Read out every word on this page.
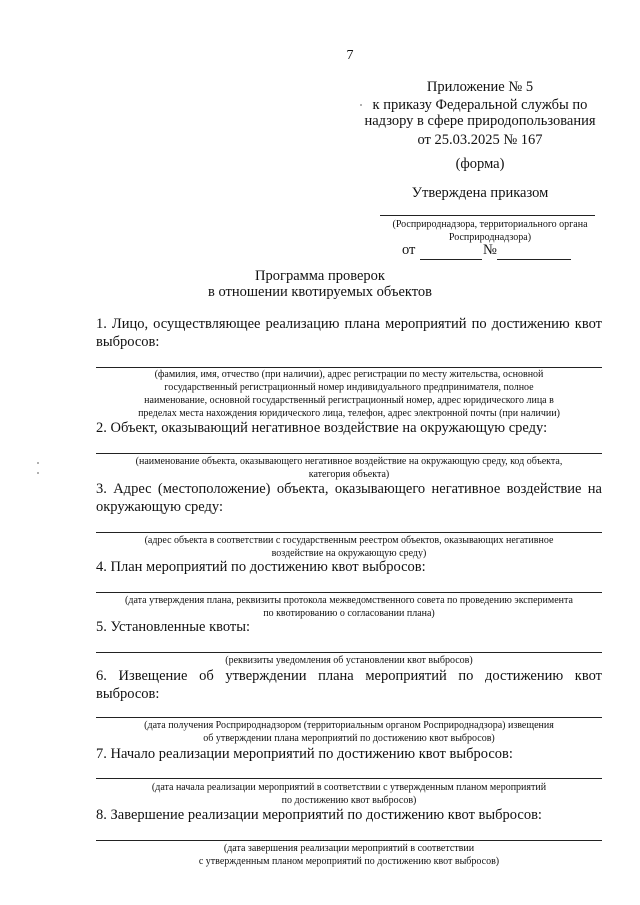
7
Приложение № 5
к приказу Федеральной службы по
надзору в сфере природопользования
от 25.03.2025 № 167
(форма)
Утверждена приказом
(Росприроднадзора, территориального органа
Росприроднадзора)
от	№
Программа проверок
в отношении квотируемых объектов
1. Лицо, осуществляющее реализацию плана мероприятий по достижению квот выбросов:
(фамилия, имя, отчество (при наличии), адрес регистрации по месту жительства, основной
государственный регистрационный номер индивидуального предпринимателя, полное
наименование, основной государственный регистрационный номер, адрес юридического лица в
пределах места нахождения юридического лица, телефон, адрес электронной почты (при наличии)
2. Объект, оказывающий негативное воздействие на окружающую среду:
(наименование объекта, оказывающего негативное воздействие на окружающую среду, код объекта,
категория объекта)
3. Адрес (местоположение) объекта, оказывающего негативное воздействие на окружающую среду:
(адрес объекта в соответствии с государственным реестром объектов, оказывающих негативное
воздействие на окружающую среду)
4. План мероприятий по достижению квот выбросов:
(дата утверждения плана, реквизиты протокола межведомственного совета по проведению эксперимента
по квотированию о согласовании плана)
5. Установленные квоты:
(реквизиты уведомления об установлении квот выбросов)
6. Извещение об утверждении плана мероприятий по достижению квот выбросов:
(дата получения Росприроднадзором (территориальным органом Росприроднадзора) извещения
об утверждении плана мероприятий по достижению квот выбросов)
7. Начало реализации мероприятий по достижению квот выбросов:
(дата начала реализации мероприятий в соответствии с утвержденным планом мероприятий
по достижению квот выбросов)
8. Завершение реализации мероприятий по достижению квот выбросов:
(дата завершения реализации мероприятий в соответствии
с утвержденным планом мероприятий по достижению квот выбросов)
